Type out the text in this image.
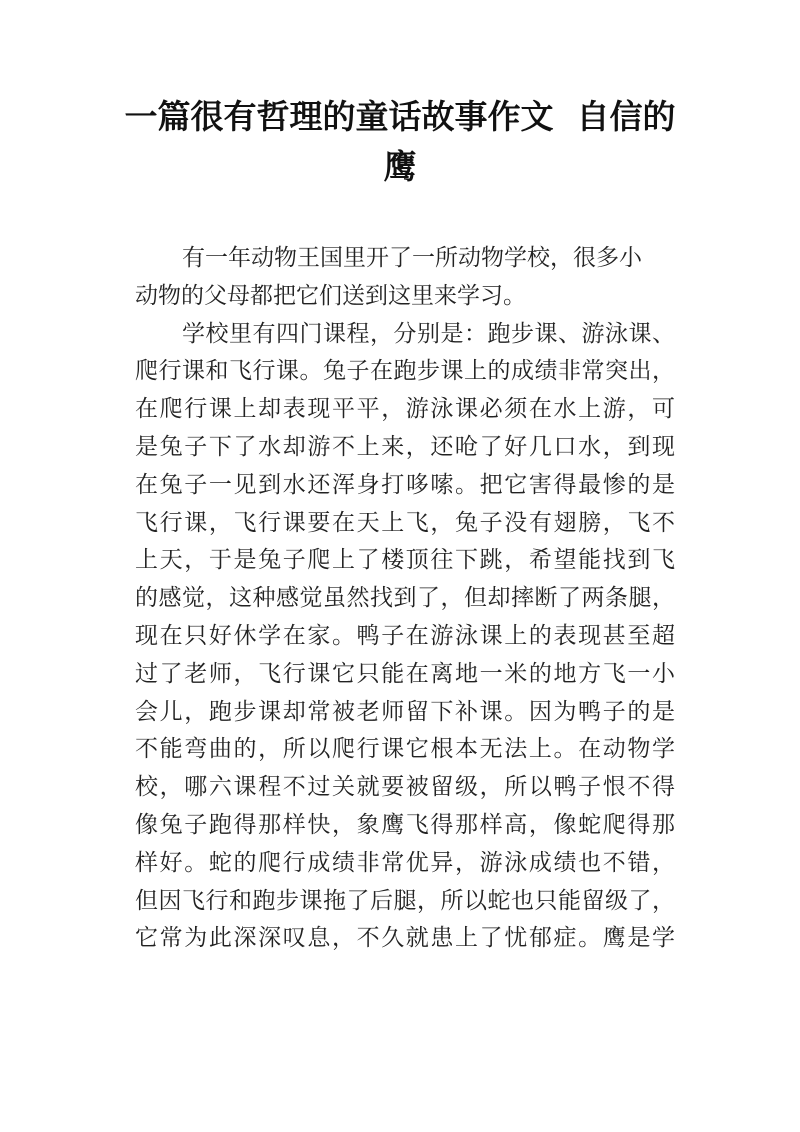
一篇很有哲理的童话故事作文  自信的
鹰
有一年动物王国里开了一所动物学校，很多小
动物的父母都把它们送到这里来学习。
学校里有四门课程，分别是：跑步课、游泳课、
爬行课和飞行课。兔子在跑步课上的成绩非常突出，
在爬行课上却表现平平，游泳课必须在水上游，可
是兔子下了水却游不上来，还呛了好几口水，到现
在兔子一见到水还浑身打哆嗦。把它害得最惨的是
飞行课，飞行课要在天上飞，兔子没有翅膀，飞不
上天，于是兔子爬上了楼顶往下跳，希望能找到飞
的感觉，这种感觉虽然找到了，但却摔断了两条腿，
现在只好休学在家。鸭子在游泳课上的表现甚至超
过了老师，飞行课它只能在离地一米的地方飞一小
会儿，跑步课却常被老师留下补课。因为鸭子的是
不能弯曲的，所以爬行课它根本无法上。在动物学
校，哪六课程不过关就要被留级，所以鸭子恨不得
像兔子跑得那样快，象鹰飞得那样高，像蛇爬得那
样好。蛇的爬行成绩非常优异，游泳成绩也不错，
但因飞行和跑步课拖了后腿，所以蛇也只能留级了，
它常为此深深叹息，不久就患上了忧郁症。鹰是学
